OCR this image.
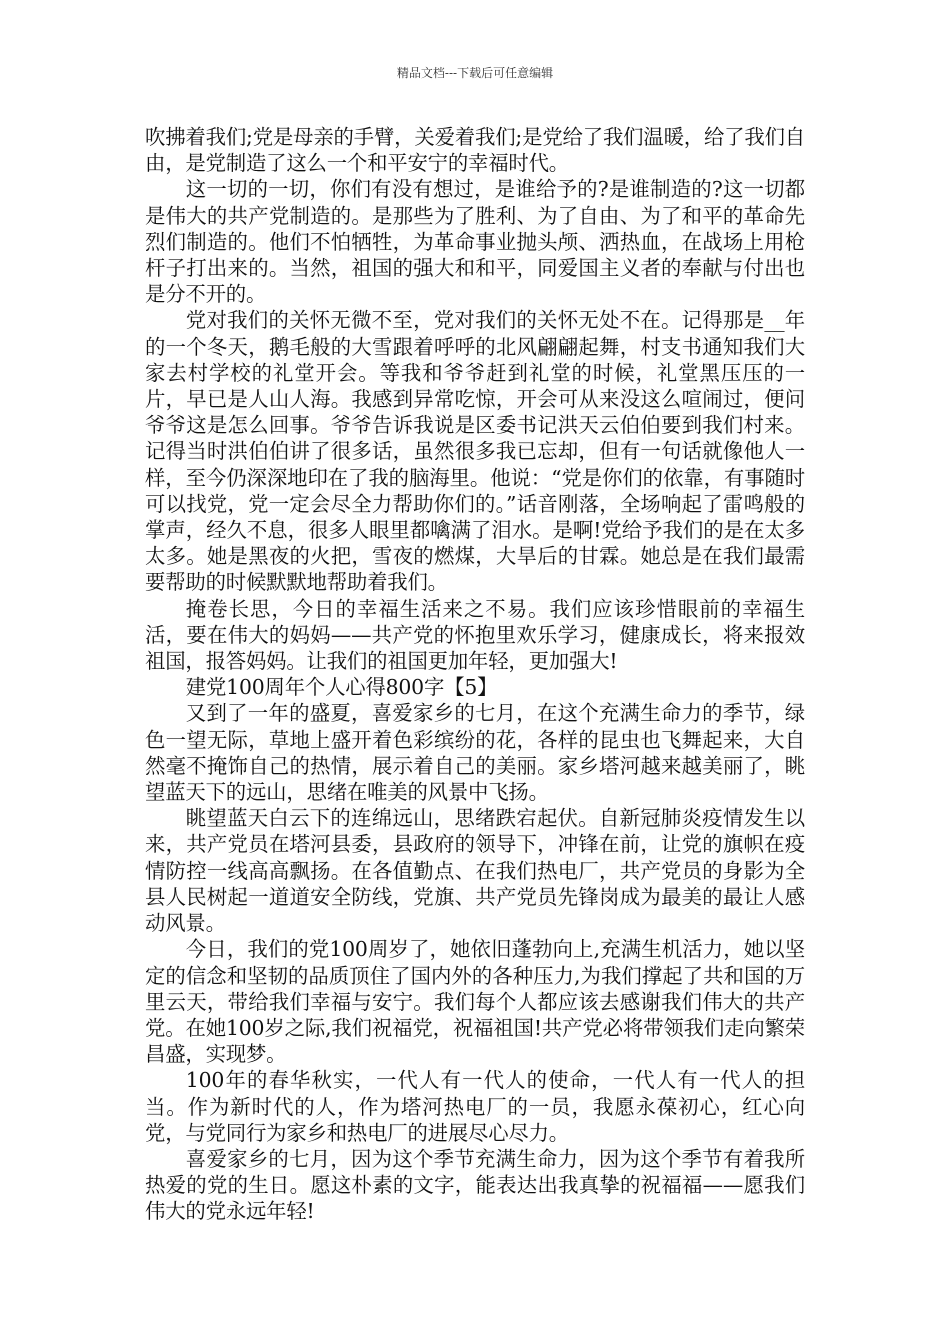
精品文档---下载后可任意编辑

吹拂着我们;党是母亲的手臂，关爱着我们;是党给了我们温暖，给了我们自由，是党制造了这么一个和平安宁的幸福时代。

这一切的一切，你们有没有想过，是谁给予的?是谁制造的?这一切都是伟大的共产党制造的。是那些为了胜利、为了自由、为了和平的革命先烈们制造的。他们不怕牺牲，为革命事业抛头颅、洒热血，在战场上用枪杆子打出来的。当然，祖国的强大和和平，同爱国主义者的奉献与付出也是分不开的。

党对我们的关怀无微不至，党对我们的关怀无处不在。记得那是__年的一个冬天，鹅毛般的大雪跟着呼呼的北风翩翩起舞，村支书通知我们大家去村学校的礼堂开会。等我和爷爷赶到礼堂的时候，礼堂黑压压的一片，早已是人山人海。我感到异常吃惊，开会可从来没这么喧闹过，便问爷爷这是怎么回事。爷爷告诉我说是区委书记洪天云伯伯要到我们村来。记得当时洪伯伯讲了很多话，虽然很多我已忘却，但有一句话就像他人一样，至今仍深深地印在了我的脑海里。他说：“党是你们的依靠，有事随时可以找党，党一定会尽全力帮助你们的。”话音刚落，全场响起了雷鸣般的掌声，经久不息，很多人眼里都噙满了泪水。是啊!党给予我们的是在太多太多。她是黑夜的火把，雪夜的燃煤，大旱后的甘霖。她总是在我们最需要帮助的时候默默地帮助着我们。

掩卷长思，今日的幸福生活来之不易。我们应该珍惜眼前的幸福生活，要在伟大的妈妈——共产党的怀抱里欢乐学习，健康成长，将来报效祖国，报答妈妈。让我们的祖国更加年轻，更加强大!

建党100周年个人心得800字【5】

又到了一年的盛夏，喜爱家乡的七月，在这个充满生命力的季节，绿色一望无际，草地上盛开着色彩缤纷的花，各样的昆虫也飞舞起来，大自然毫不掩饰自己的热情，展示着自己的美丽。家乡塔河越来越美丽了，眺望蓝天下的远山，思绪在唯美的风景中飞扬。

眺望蓝天白云下的连绵远山，思绪跌宕起伏。自新冠肺炎疫情发生以来，共产党员在塔河县委，县政府的领导下，冲锋在前，让党的旗帜在疫情防控一线高高飘扬。在各值勤点、在我们热电厂，共产党员的身影为全县人民树起一道道安全防线，党旗、共产党员先锋岗成为最美的最让人感动风景。

今日，我们的党100周岁了，她依旧蓬勃向上,充满生机活力，她以坚定的信念和坚韧的品质顶住了国内外的各种压力,为我们撑起了共和国的万里云天，带给我们幸福与安宁。我们每个人都应该去感谢我们伟大的共产党。在她100岁之际,我们祝福党，祝福祖国!共产党必将带领我们走向繁荣昌盛，实现梦。

100年的春华秋实，一代人有一代人的使命，一代人有一代人的担当。作为新时代的人，作为塔河热电厂的一员，我愿永葆初心，红心向党，与党同行为家乡和热电厂的进展尽心尽力。

喜爱家乡的七月，因为这个季节充满生命力，因为这个季节有着我所热爱的党的生日。愿这朴素的文字，能表达出我真挚的祝福福——愿我们伟大的党永远年轻!
